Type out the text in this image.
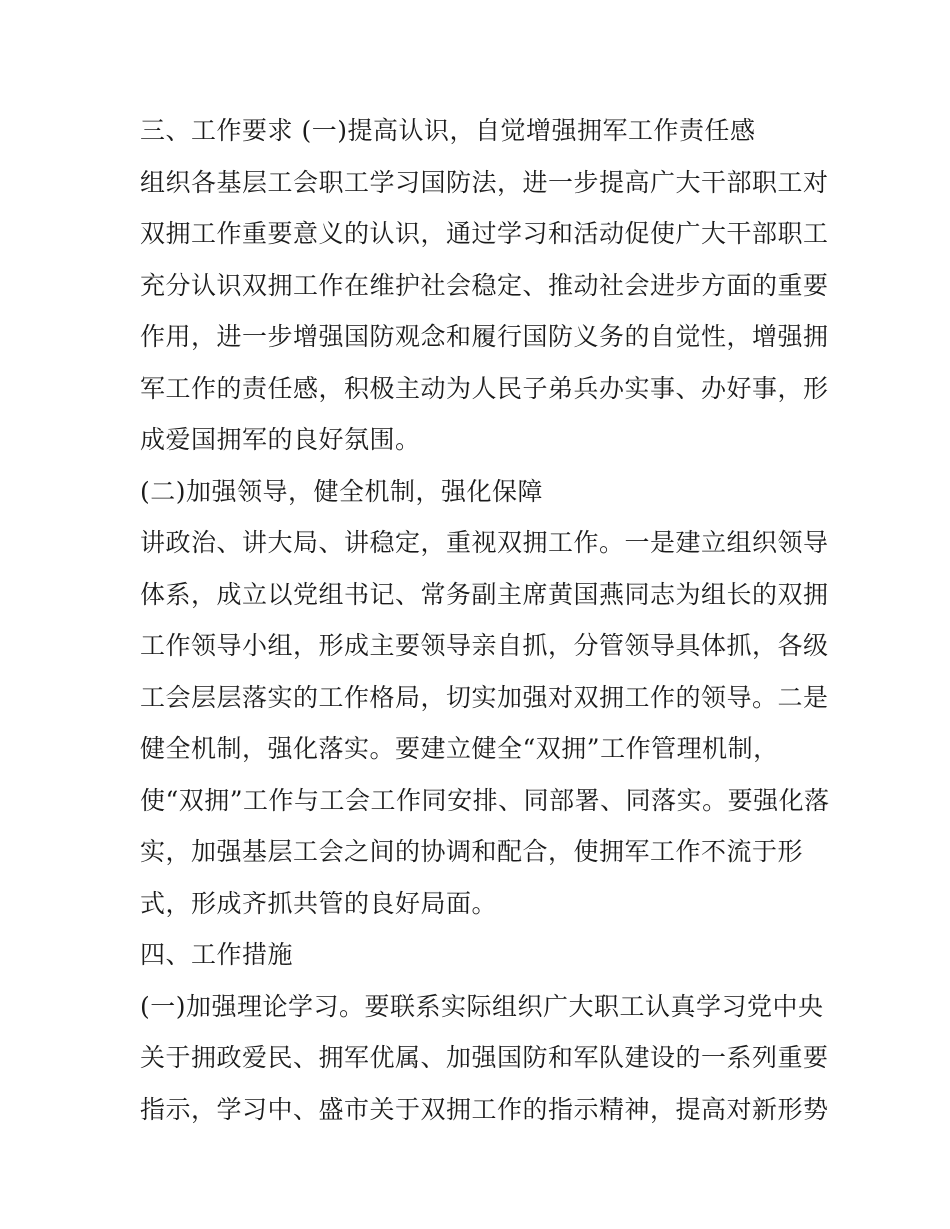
三、工作要求 (一)提高认识，自觉增强拥军工作责任感
组织各基层工会职工学习国防法，进一步提高广大干部职工对
双拥工作重要意义的认识，通过学习和活动促使广大干部职工
充分认识双拥工作在维护社会稳定、推动社会进步方面的重要
作用，进一步增强国防观念和履行国防义务的自觉性，增强拥
军工作的责任感，积极主动为人民子弟兵办实事、办好事，形
成爱国拥军的良好氛围。
(二)加强领导，健全机制，强化保障
讲政治、讲大局、讲稳定，重视双拥工作。一是建立组织领导
体系，成立以党组书记、常务副主席黄国燕同志为组长的双拥
工作领导小组，形成主要领导亲自抓，分管领导具体抓，各级
工会层层落实的工作格局，切实加强对双拥工作的领导。二是
健全机制，强化落实。要建立健全“双拥”工作管理机制，
使“双拥”工作与工会工作同安排、同部署、同落实。要强化落
实，加强基层工会之间的协调和配合，使拥军工作不流于形
式，形成齐抓共管的良好局面。
四、工作措施
(一)加强理论学习。要联系实际组织广大职工认真学习党中央
关于拥政爱民、拥军优属、加强国防和军队建设的一系列重要
指示，学习中、盛市关于双拥工作的指示精神，提高对新形势
